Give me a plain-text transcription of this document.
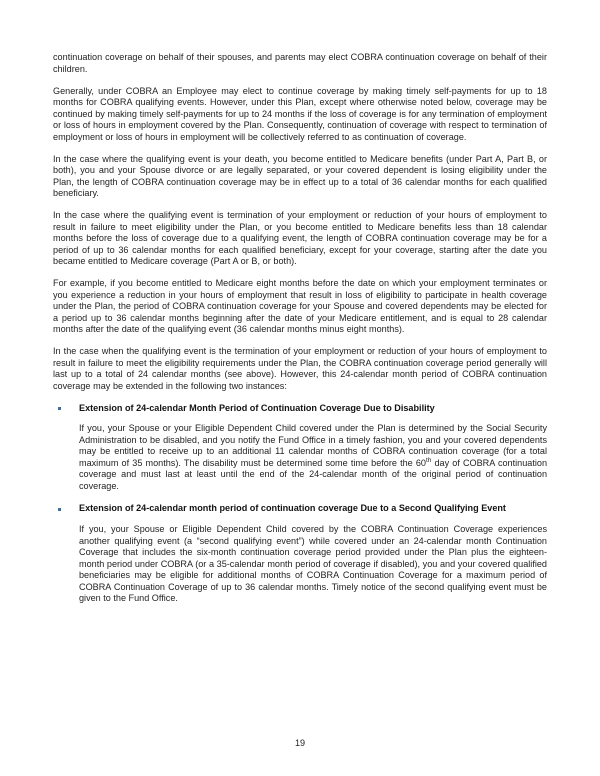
continuation coverage on behalf of their spouses, and parents may elect COBRA continuation coverage on behalf of their children.

Generally, under COBRA an Employee may elect to continue coverage by making timely self-payments for up to 18 months for COBRA qualifying events. However, under this Plan, except where otherwise noted below, coverage may be continued by making timely self-payments for up to 24 months if the loss of coverage is for any termination of employment or loss of hours in employment covered by the Plan. Consequently, continuation of coverage with respect to termination of employment or loss of hours in employment will be collectively referred to as continuation of coverage.

In the case where the qualifying event is your death, you become entitled to Medicare benefits (under Part A, Part B, or both), you and your Spouse divorce or are legally separated, or your covered dependent is losing eligibility under the Plan, the length of COBRA continuation coverage may be in effect up to a total of 36 calendar months for each qualified beneficiary.

In the case where the qualifying event is termination of your employment or reduction of your hours of employment to result in failure to meet eligibility under the Plan, or you become entitled to Medicare benefits less than 18 calendar months before the loss of coverage due to a qualifying event, the length of COBRA continuation coverage may be for a period of up to 36 calendar months for each qualified beneficiary, except for your coverage, starting after the date you became entitled to Medicare coverage (Part A or B, or both).

For example, if you become entitled to Medicare eight months before the date on which your employment terminates or you experience a reduction in your hours of employment that result in loss of eligibility to participate in health coverage under the Plan, the period of COBRA continuation coverage for your Spouse and covered dependents may be elected for a period up to 36 calendar months beginning after the date of your Medicare entitlement, and is equal to 28 calendar months after the date of the qualifying event (36 calendar months minus eight months).

In the case when the qualifying event is the termination of your employment or reduction of your hours of employment to result in failure to meet the eligibility requirements under the Plan, the COBRA continuation coverage period generally will last up to a total of 24 calendar months (see above). However, this 24-calendar month period of COBRA continuation coverage may be extended in the following two instances:

Extension of 24-calendar Month Period of Continuation Coverage Due to Disability

If you, your Spouse or your Eligible Dependent Child covered under the Plan is determined by the Social Security Administration to be disabled, and you notify the Fund Office in a timely fashion, you and your covered dependents may be entitled to receive up to an additional 11 calendar months of COBRA continuation coverage (for a total maximum of 35 months). The disability must be determined some time before the 60th day of COBRA continuation coverage and must last at least until the end of the 24-calendar month of the original period of continuation coverage.

Extension of 24-calendar month period of continuation coverage Due to a Second Qualifying Event

If you, your Spouse or Eligible Dependent Child covered by the COBRA Continuation Coverage experiences another qualifying event (a “second qualifying event”) while covered under an 24-calendar month Continuation Coverage that includes the six-month continuation coverage period provided under the Plan plus the eighteen-month period under COBRA (or a 35-calendar month period of coverage if disabled), you and your covered qualified beneficiaries may be eligible for additional months of COBRA Continuation Coverage for a maximum period of COBRA Continuation Coverage of up to 36 calendar months. Timely notice of the second qualifying event must be given to the Fund Office.

19
